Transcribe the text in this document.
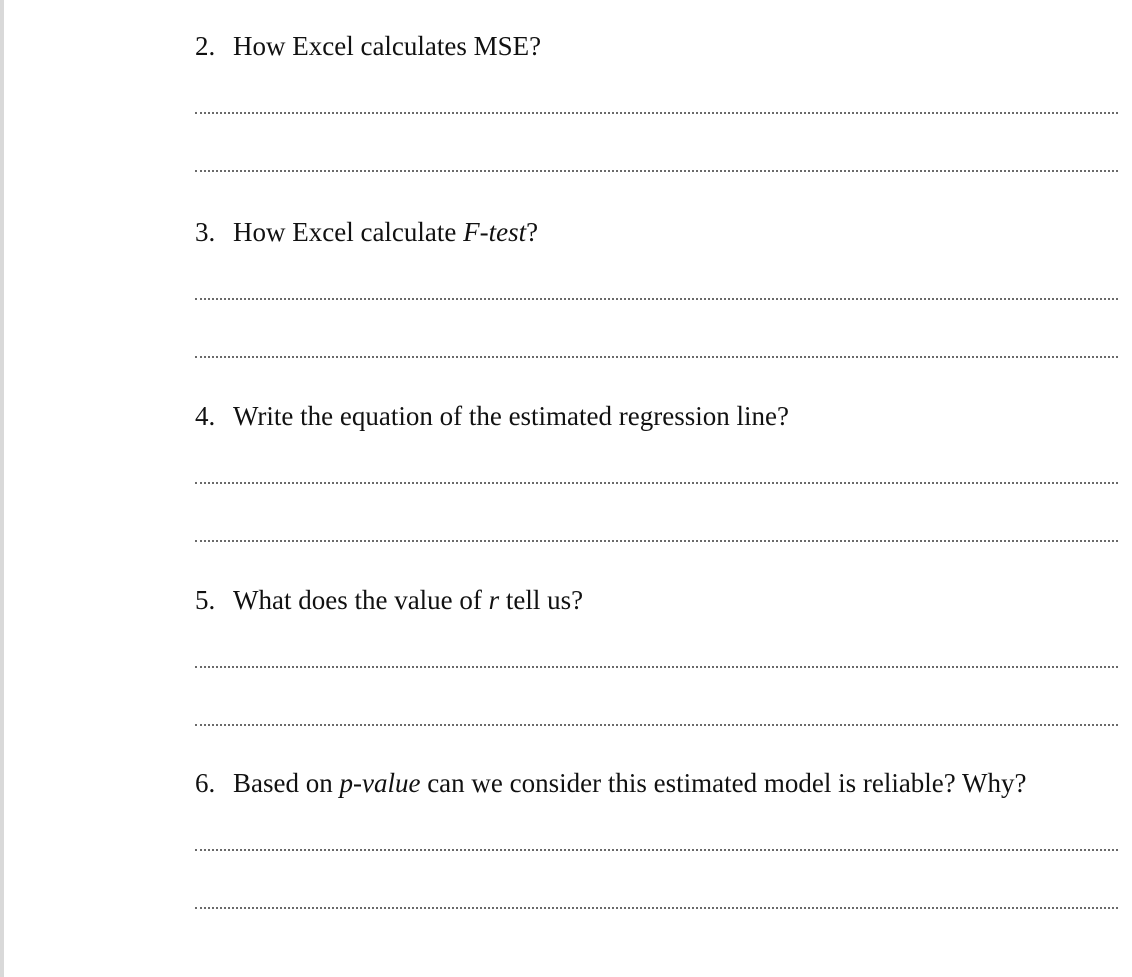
2. How Excel calculates MSE?
3. How Excel calculate F-test?
4. Write the equation of the estimated regression line?
5. What does the value of r tell us?
6. Based on p-value can we consider this estimated model is reliable? Why?
